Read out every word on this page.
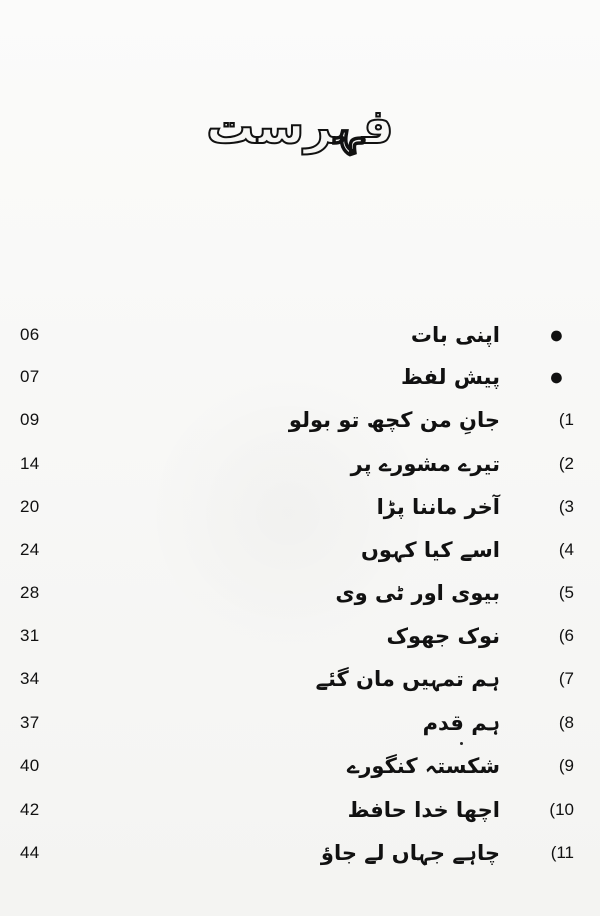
فہرست
06	اپنی بات	●
07	پیش لفظ	●
09	جانِ من کچھ تو بولو	(1
14	تیرے مشورے پر	(2
20	آخر ماننا پڑا	(3
24	اسے کیا کہوں	(4
28	بیوی اور ٹی وی	(5
31	نوک جھوک	(6
34	ہم تمہیں مان گئے	(7
37	ہم قدم	(8
40	شکستہ کنگورے	(9
42	اچھا خدا حافظ	(10
44	چاہے جہاں لے جاؤ	(11
